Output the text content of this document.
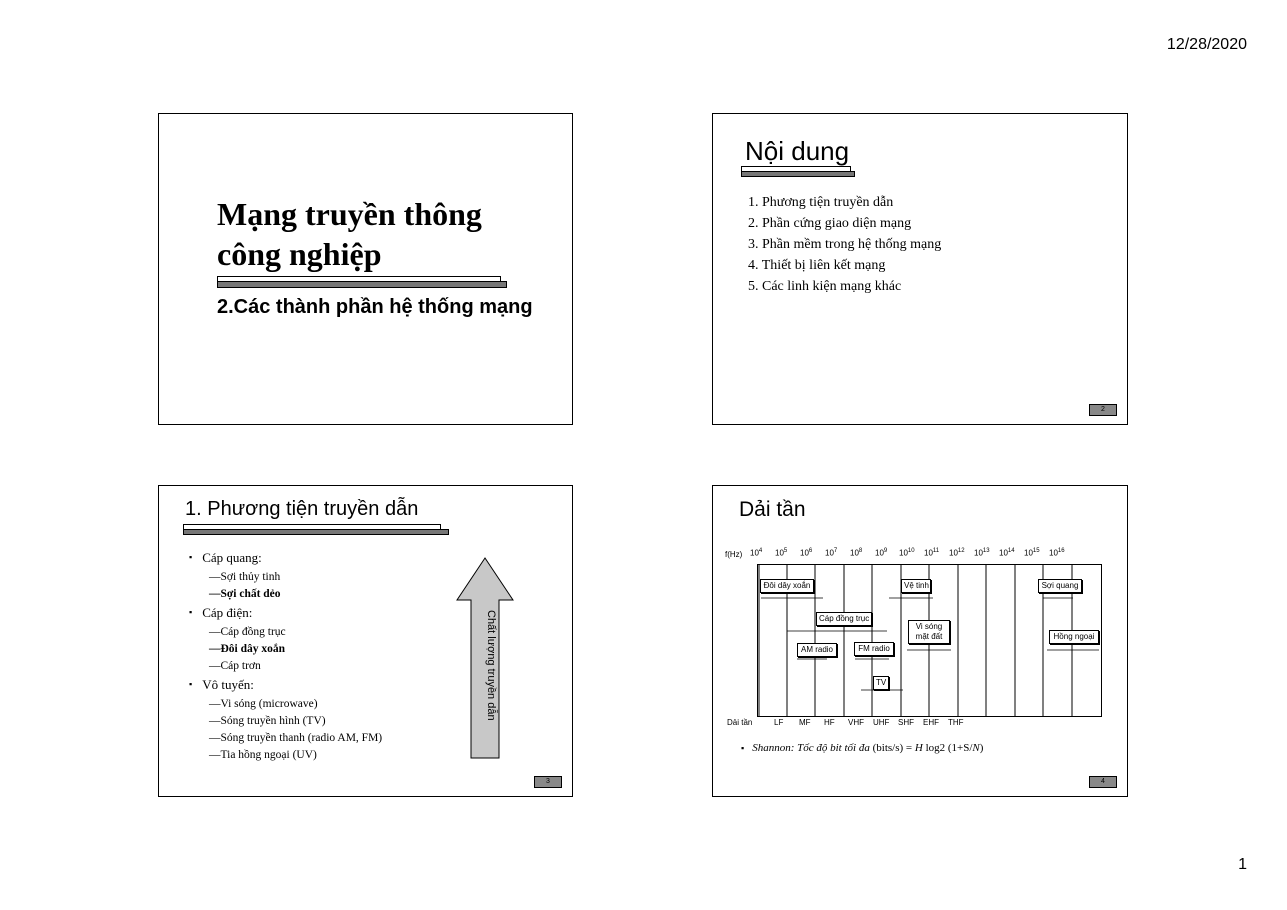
12/28/2020
Mạng truyền thông
công nghiệp
2.Các thành phần hệ thống mạng
Nội dung
1. Phương tiện truyền dẫn
2. Phần cứng giao diện mạng
3. Phần mềm trong hệ thống mạng
4. Thiết bị liên kết mạng
5. Các linh kiện mạng khác
2
1. Phương tiện truyền dẫn
▪ Cáp quang:
— Sợi thủy tinh
— Sợi chất dẻo
▪ Cáp điện:
— Cáp đồng trục
— Đôi dây xoắn
— Cáp trơn
▪ Vô tuyến:
— Vi sóng (microwave)
— Sóng truyền hình (TV)
— Sóng truyền thanh (radio AM, FM)
— Tia hồng ngoại (UV)
Chất lượng truyền dẫn
3
Dải tần
f(Hz) $10^4$ $10^5$ $10^6$ $10^7$ $10^8$ $10^9$ $10^{10}$ $10^{11}$ $10^{12}$ $10^{13}$ $10^{14}$ $10^{15}$ $10^{16}$
Đôi dây xoắn
Cáp đồng trục
AM radio	FM radio
TV
Vệ tinh
Vi sóng
mặt đất
Sợi quang
Hồng ngoại
Dải tần	LF MF HF VHF UHF SHF EHF THF
▪ Shannon: Tốc độ bit tối đa (bits/s) = H log2 (1+S/N)
4
1
